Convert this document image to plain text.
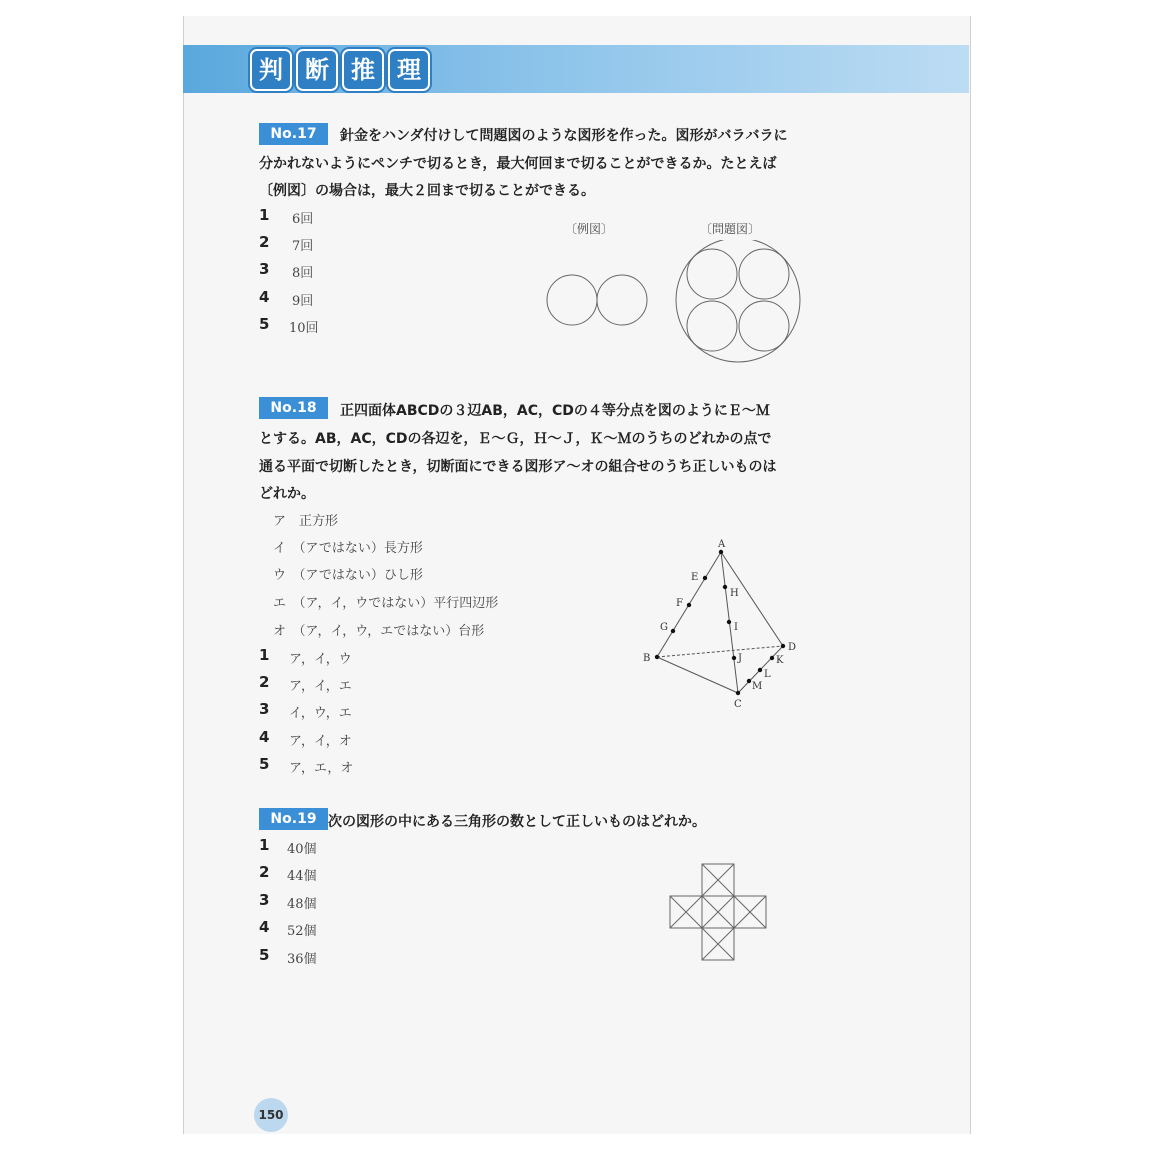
判 断 推 理
No.17	針金をハンダ付けして問題図のような図形を作った。図形がバラバラに
分かれないようにペンチで切るとき，最大何回まで切ることができるか。たとえば
〔例図〕の場合は，最大２回まで切ることができる。
1 6回
2 7回
3 8回
4 9回
5 10回
〔例図〕	〔問題図〕
No.18	正四面体ABCDの３辺AB，AC，CDの４等分点を図のようにＥ～Ｍ
とする。AB，AC，CDの各辺を，Ｅ～Ｇ，Ｈ～Ｊ，Ｋ～Ｍのうちのどれかの点で
通る平面で切断したとき，切断面にできる図形ア～オの組合せのうち正しいものは
どれか。
ア　正方形
イ　（アではない）長方形
ウ　（アではない）ひし形
エ　（ア，イ，ウではない）平行四辺形
オ　（ア，イ，ウ，エではない）台形
1 ア，イ，ウ
2 ア，イ，エ
3 イ，ウ，エ
4 ア，イ，オ
5 ア，エ，オ
A
B
C
D
E
F
G
H
I
J	K
L
M
No.19 次の図形の中にある三角形の数として正しいものはどれか。
1 40個
2 44個
3 48個
4 52個
5 36個
150
